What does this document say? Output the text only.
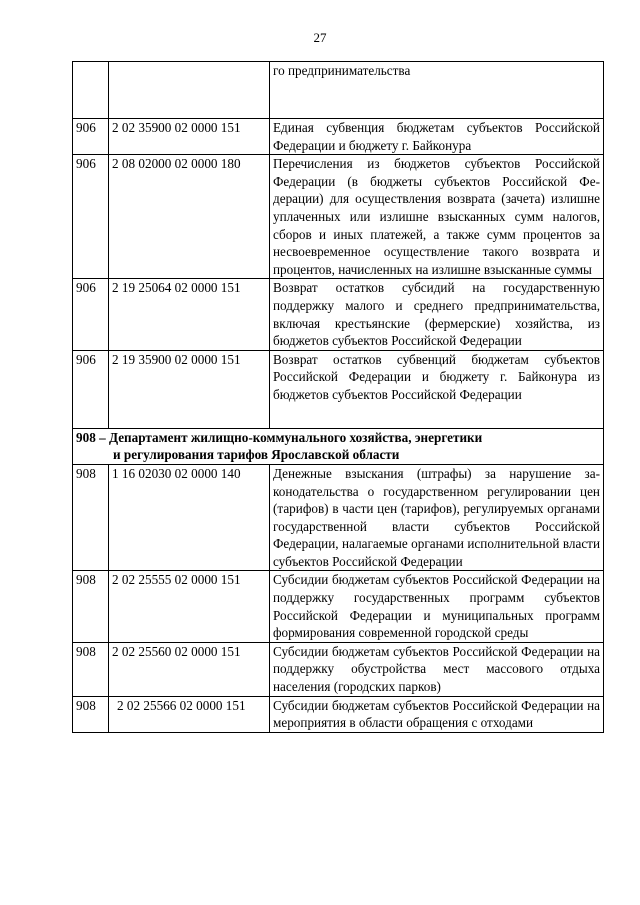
27
		го предпринимательства
906	2 02 35900 02 0000 151	Единая субвенция бюджетам субъектов Российской Федерации и бюджету г. Байконура
906	2 08 02000 02 0000 180	Перечисления из бюджетов субъектов Российской Федерации (в бюджеты субъектов Российской Федерации) для осуществления возврата (зачета) излишне уплаченных или излишне взысканных сумм налогов, сборов и иных платежей, а также сумм процентов за несвоевременное осуществление такого возврата и процентов, начисленных на излишне взысканные суммы
906	2 19 25064 02 0000 151	Возврат остатков субсидий на государственную поддержку малого и среднего предпринимательства, включая крестьянские (фермерские) хозяйства, из бюджетов субъектов Российской Федерации
906	2 19 35900 02 0000 151	Возврат остатков субвенций бюджетам субъектов Российской Федерации и бюджету г. Байконура из бюджетов субъектов Российской Федерации

908 – Департамент жилищно-коммунального хозяйства, энергетики
и регулирования тарифов Ярославской области		

908	1 16 02030 02 0000 140	Денежные взыскания (штрафы) за нарушение законодательства о государственном регулировании цен (тарифов) в части цен (тарифов), регулируемых органами государственной власти субъектов Российской Федерации, налагаемые органами исполнительной власти субъектов Российской Федерации
908	2 02 25555 02 0000 151	Субсидии бюджетам субъектов Российской Федерации на поддержку государственных программ субъектов Российской Федерации и муниципальных программ формирования современной городской среды
908	2 02 25560 02 0000 151	Субсидии бюджетам субъектов Российской Федерации на поддержку обустройства мест массового отдыха населения (городских парков)
908	2 02 25566 02 0000 151	Субсидии бюджетам субъектов Российской Федерации на мероприятия в области обращения с отходами
